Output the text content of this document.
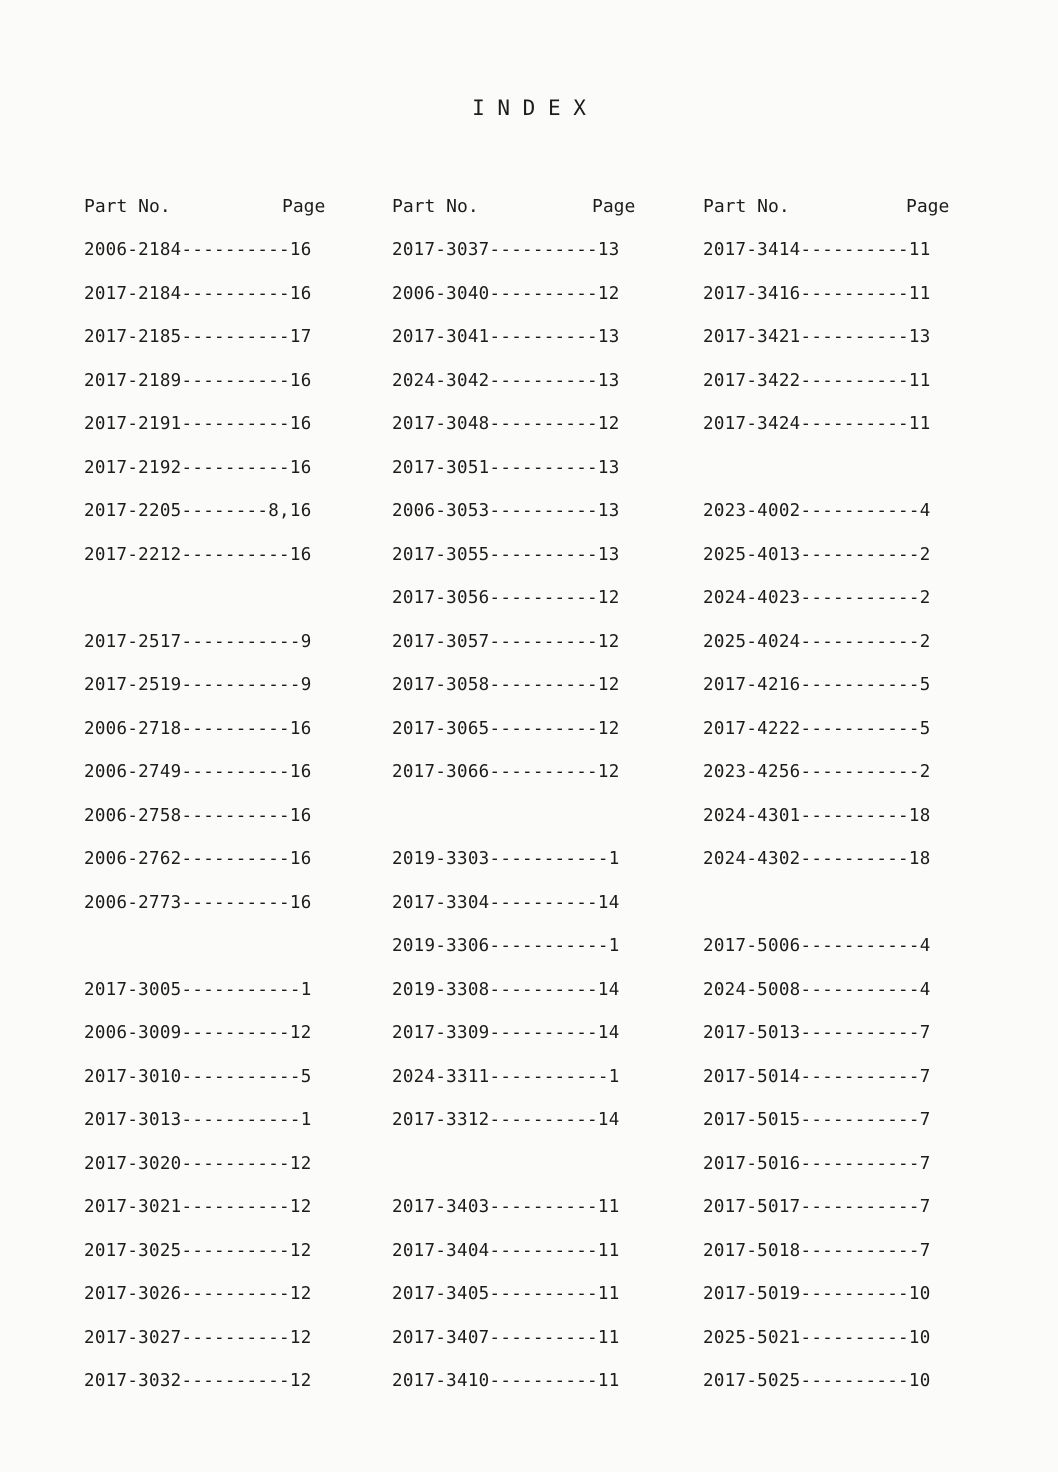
I N D E X
Part No.	Page
2006-2184----------16
2017-2184----------16
2017-2185----------17
2017-2189----------16
2017-2191----------16
2017-2192----------16
2017-2205--------8,16
2017-2212----------16
2017-2517-----------9
2017-2519-----------9
2006-2718----------16
2006-2749----------16
2006-2758----------16
2006-2762----------16
2006-2773----------16
2017-3005-----------1
2006-3009----------12
2017-3010-----------5
2017-3013-----------1
2017-3020----------12
2017-3021----------12
2017-3025----------12
2017-3026----------12
2017-3027----------12
2017-3032----------12
Part No.	Page
2017-3037----------13
2006-3040----------12
2017-3041----------13
2024-3042----------13
2017-3048----------12
2017-3051----------13
2006-3053----------13
2017-3055----------13
2017-3056----------12
2017-3057----------12
2017-3058----------12
2017-3065----------12
2017-3066----------12
2019-3303-----------1
2017-3304----------14
2019-3306-----------1
2019-3308----------14
2017-3309----------14
2024-3311-----------1
2017-3312----------14
2017-3403----------11
2017-3404----------11
2017-3405----------11
2017-3407----------11
2017-3410----------11
Part No.	Page
2017-3414----------11
2017-3416----------11
2017-3421----------13
2017-3422----------11
2017-3424----------11
2023-4002-----------4
2025-4013-----------2
2024-4023-----------2
2025-4024-----------2
2017-4216-----------5
2017-4222-----------5
2023-4256-----------2
2024-4301----------18
2024-4302----------18
2017-5006-----------4
2024-5008-----------4
2017-5013-----------7
2017-5014-----------7
2017-5015-----------7
2017-5016-----------7
2017-5017-----------7
2017-5018-----------7
2017-5019----------10
2025-5021----------10
2017-5025----------10
